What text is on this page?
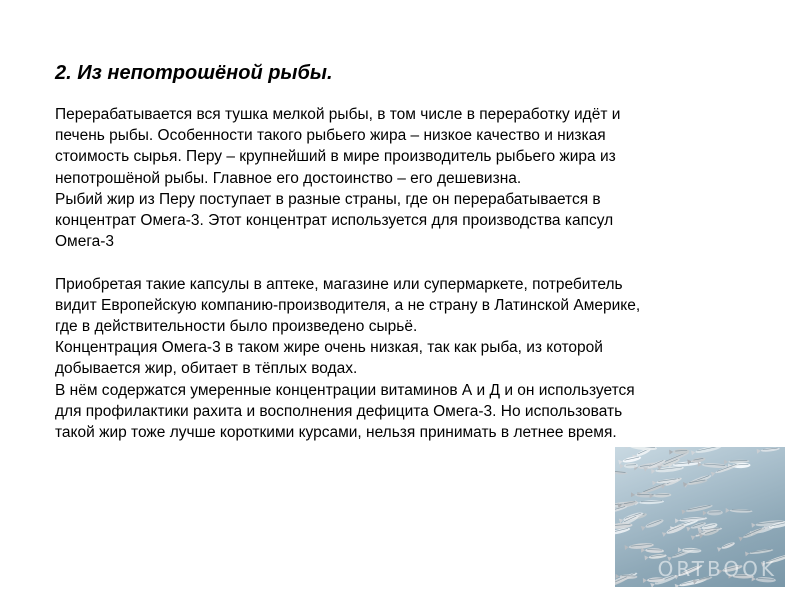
2. Из непотрошёной рыбы.
Перерабатывается вся тушка мелкой рыбы, в том числе в переработку идёт и
печень рыбы. Особенности такого рыбьего жира – низкое качество и низкая
стоимость сырья. Перу – крупнейший в мире производитель рыбьего жира из
непотрошёной рыбы. Главное его достоинство – его дешевизна.
Рыбий жир из Перу поступает в разные страны, где он перерабатывается в
концентрат Омега-3. Этот концентрат используется для производства капсул
Омега-3
Приобретая такие капсулы в аптеке, магазине или супермаркете, потребитель
видит Европейскую компанию-производителя, а не страну в Латинской Америке,
где в действительности было произведено сырьё.
Концентрация Омега-3 в таком жире очень низкая, так как рыба, из которой
добывается жир, обитает в тёплых водах.
В нём содержатся умеренные концентрации витаминов А и Д и он используется
для профилактики рахита и восполнения дефицита Омега-3. Но использовать
такой жир тоже лучше короткими курсами, нельзя принимать в летнее время.
ORTBOOK
